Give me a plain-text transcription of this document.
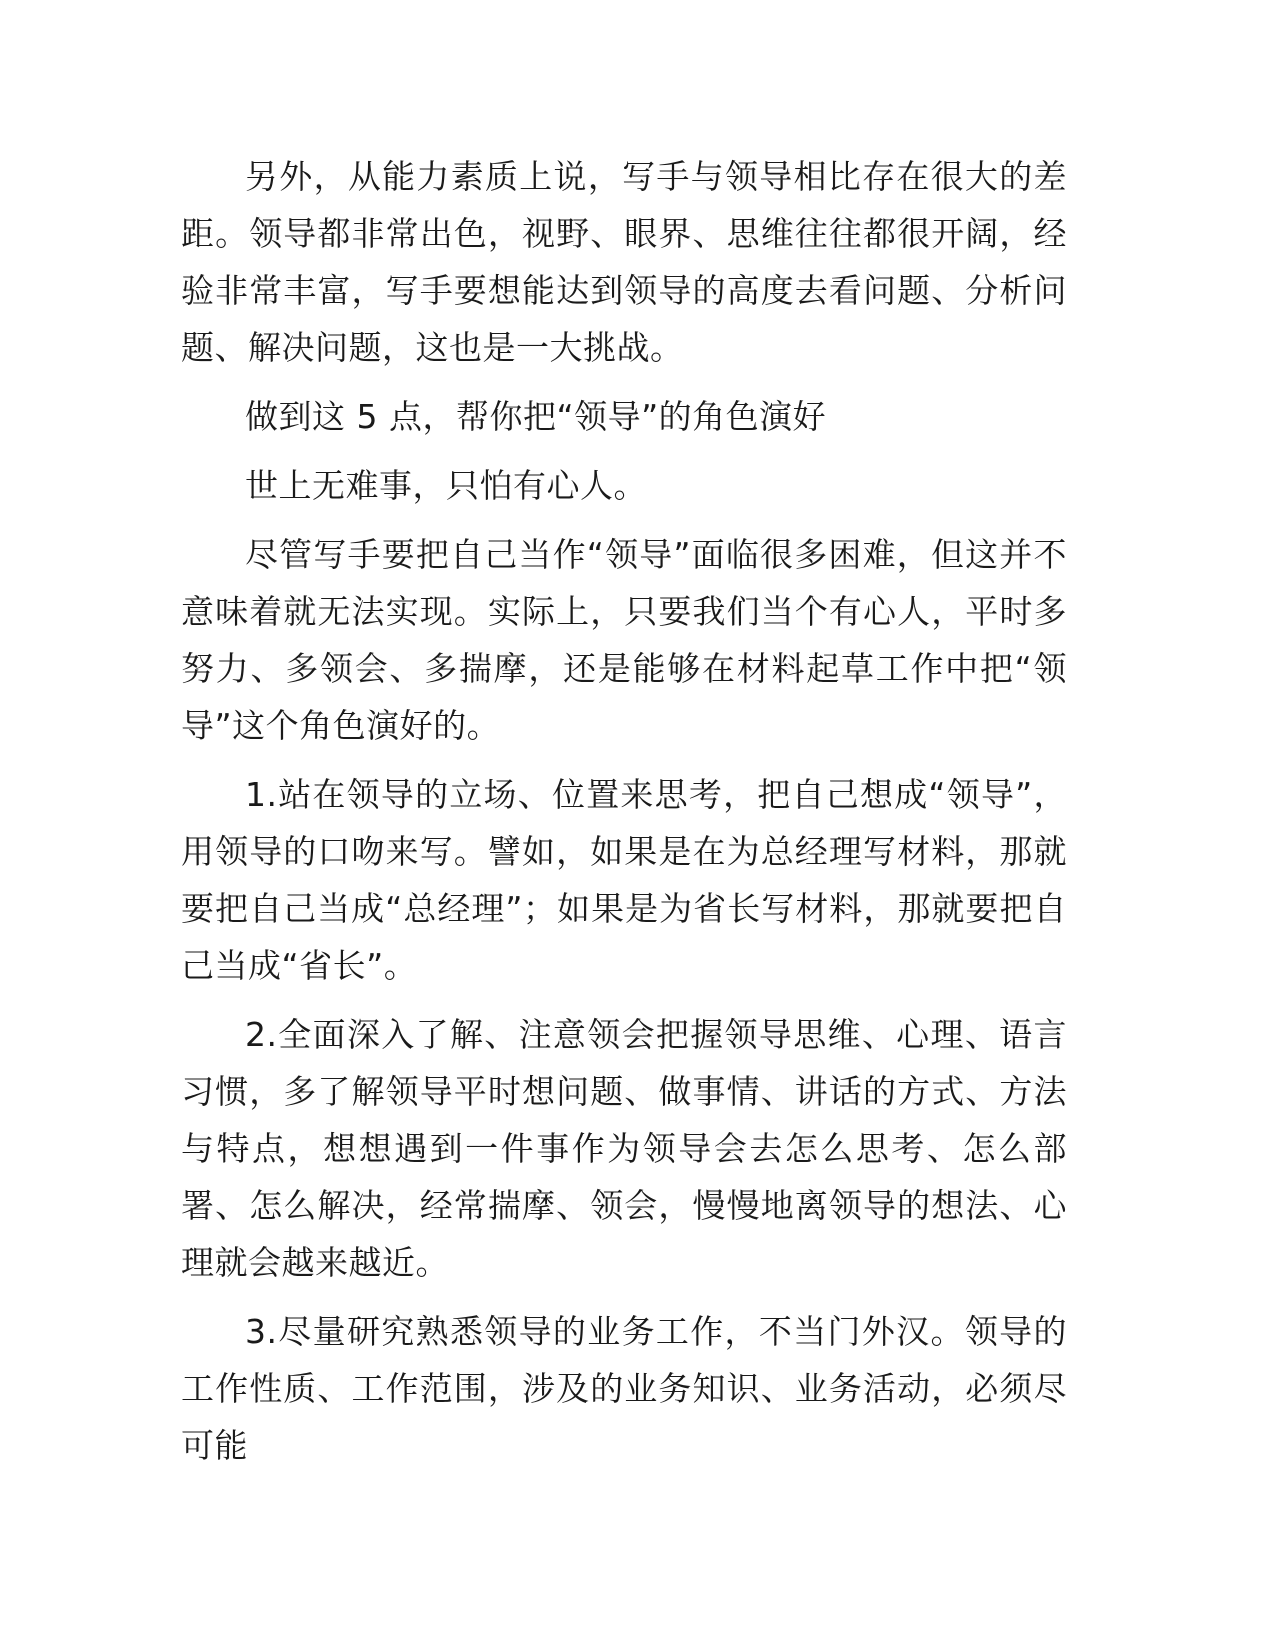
另外，从能力素质上说，写手与领导相比存在很大的差距。领导都非常出色，视野、眼界、思维往往都很开阔，经验非常丰富，写手要想能达到领导的高度去看问题、分析问题、解决问题，这也是一大挑战。

做到这 5 点，帮你把“领导”的角色演好

世上无难事，只怕有心人。

尽管写手要把自己当作“领导”面临很多困难，但这并不意味着就无法实现。实际上，只要我们当个有心人，平时多努力、多领会、多揣摩，还是能够在材料起草工作中把“领导”这个角色演好的。

1.站在领导的立场、位置来思考，把自己想成“领导”，用领导的口吻来写。譬如，如果是在为总经理写材料，那就要把自己当成“总经理”；如果是为省长写材料，那就要把自己当成“省长”。

2.全面深入了解、注意领会把握领导思维、心理、语言习惯，多了解领导平时想问题、做事情、讲话的方式、方法与特点，想想遇到一件事作为领导会去怎么思考、怎么部署、怎么解决，经常揣摩、领会，慢慢地离领导的想法、心理就会越来越近。

3.尽量研究熟悉领导的业务工作，不当门外汉。领导的工作性质、工作范围，涉及的业务知识、业务活动，必须尽可能
